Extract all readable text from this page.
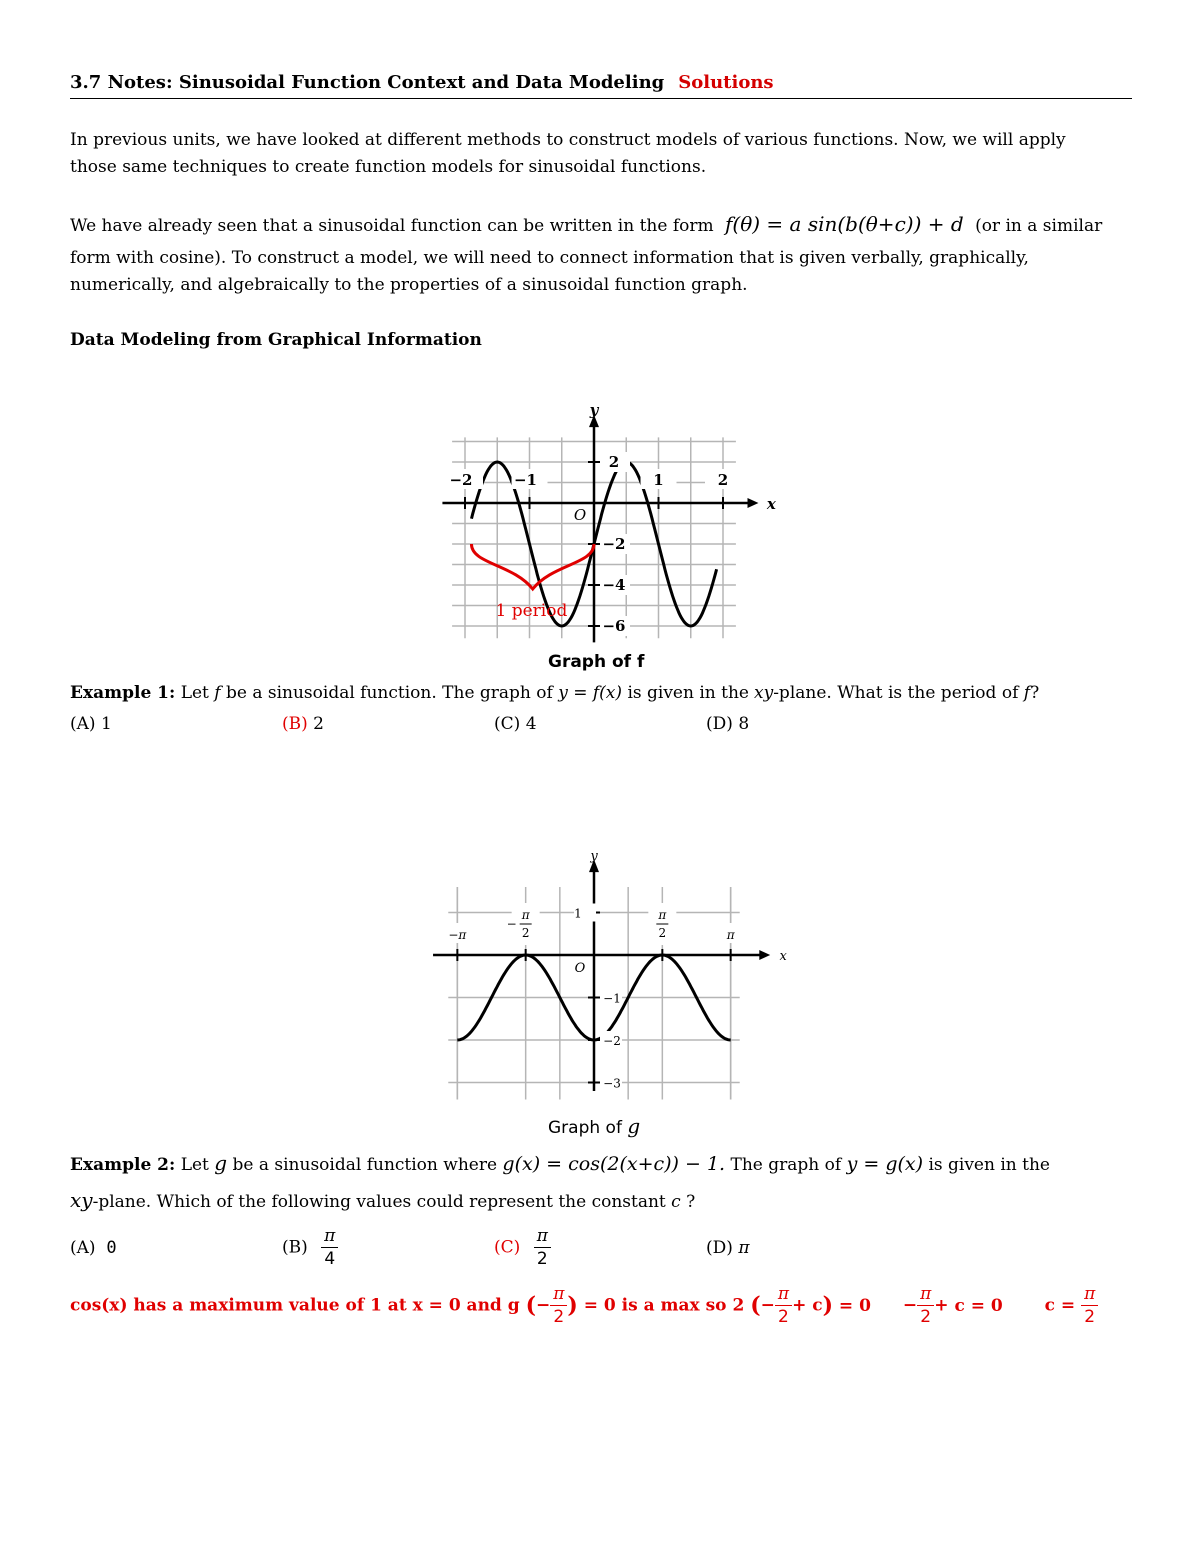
3.7 Notes: Sinusoidal Function Context and Data Modeling Solutions
In previous units, we have looked at different methods to construct models of various functions. Now, we will apply
those same techniques to create function models for sinusoidal functions.
We have already seen that a sinusoidal function can be written in the form f(θ) = a sin(b(θ+c)) + d (or in a similar
form with cosine). To construct a model, we will need to connect information that is given verbally, graphically,
numerically, and algebraically to the properties of a sinusoidal function graph.
Data Modeling from Graphical Information
y
x
O
−2	−1	1	2
2
−2
−4
−6
1 period
Graph of f
Example 1: Let f be a sinusoidal function. The graph of y = f(x) is given in the xy-plane. What is the period of f?
(A) 1	(B) 2	(C) 4	(D) 8
y
x
O
−π	π
π
2
−
π
2
1
−1
−2
−3
Graph of g
Example 2: Let g be a sinusoidal function where g(x) = cos(2(x+c)) − 1. The graph of y = g(x) is given in the
xy-plane. Which of the following values could represent the constant c ?
(A) 0	$(B) \frac{\pi}{4}$	$(C) \frac{\pi}{2}$	(D) π
cos(x) has a maximum value of 1 at x = 0 and g (− $\frac{\pi}{2}$ ) = 0 is a max so 2 (− $\frac{\pi}{2} + c) = 0 - \frac{\pi}{2} + c = 0$ $c = \frac{\pi}{2}$
